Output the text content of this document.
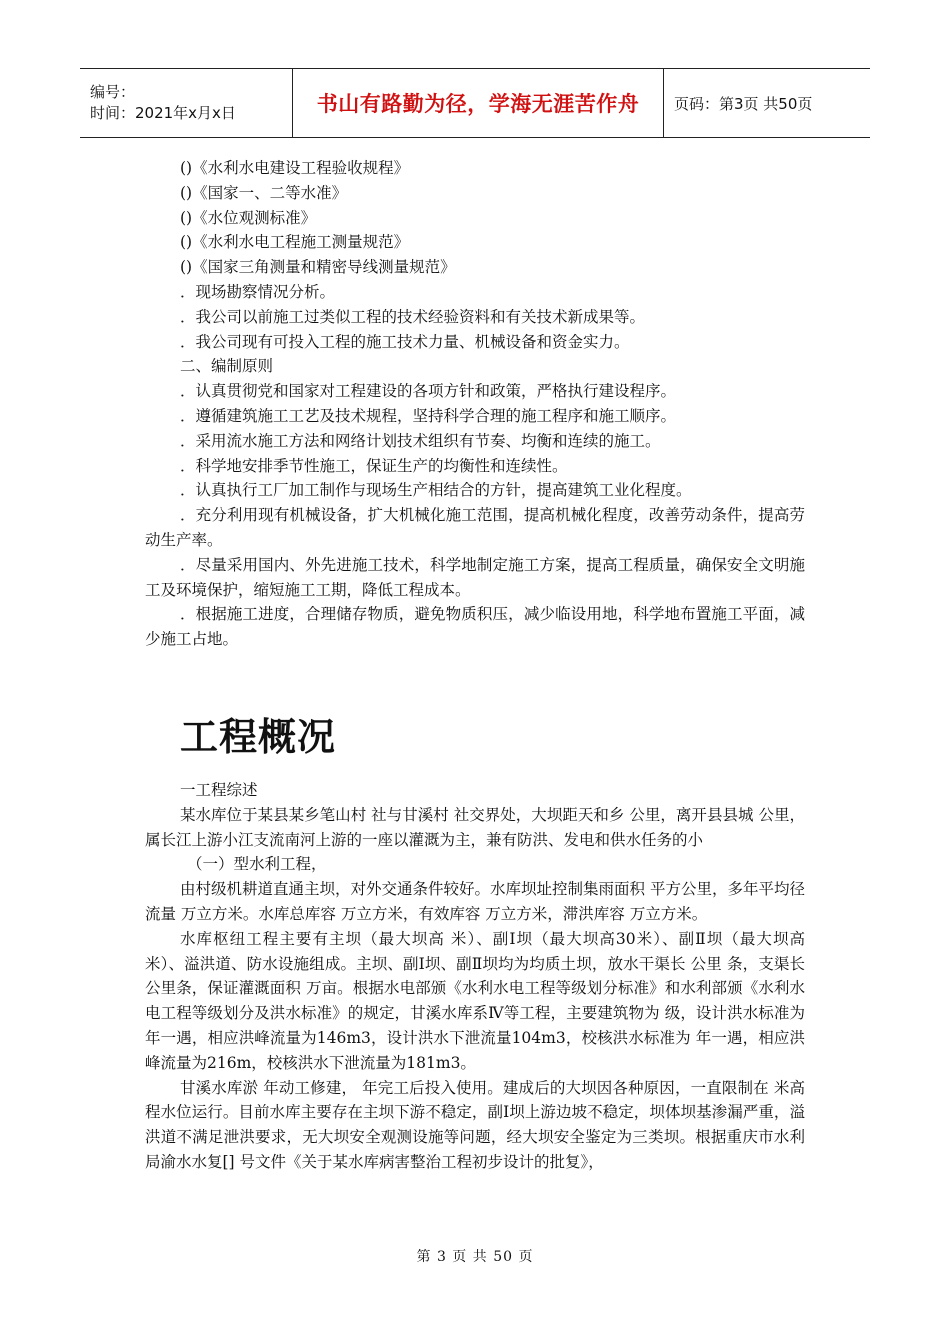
编号：
时间：2021年x月x日	书山有路勤为径，学海无涯苦作舟 页码：第3页 共50页
()《水利水电建设工程验收规程》
()《国家一、二等水准》
()《水位观测标准》
()《水利水电工程施工测量规范》
()《国家三角测量和精密导线测量规范》
．现场勘察情况分析。
．我公司以前施工过类似工程的技术经验资料和有关技术新成果等。
．我公司现有可投入工程的施工技术力量、机械设备和资金实力。
二、编制原则
．认真贯彻党和国家对工程建设的各项方针和政策，严格执行建设程序。
．遵循建筑施工工艺及技术规程，坚持科学合理的施工程序和施工顺序。
．采用流水施工方法和网络计划技术组织有节奏、均衡和连续的施工。
．科学地安排季节性施工，保证生产的均衡性和连续性。
．认真执行工厂加工制作与现场生产相结合的方针，提高建筑工业化程度。

．充分利用现有机械设备，扩大机械化施工范围，提高机械化程度，改善劳动条件，提高劳动生产率。

．尽量采用国内、外先进施工技术，科学地制定施工方案，提高工程质量，确保安全文明施工及环境保护，缩短施工工期，降低工程成本。

．根据施工进度，合理储存物质，避免物质积压，减少临设用地，科学地布置施工平面，减少施工占地。

工程概况
一工程综述

某水库位于某县某乡笔山村 社与甘溪村 社交界处，大坝距天和乡 公里，离开县县城 公里，属长江上游小江支流南河上游的一座以灌溉为主，兼有防洪、发电和供水任务的小

（一）型水利工程，

由村级机耕道直通主坝，对外交通条件较好。水库坝址控制集雨面积 平方公里，多年平均径流量 万立方米。水库总库容 万立方米，有效库容 万立方米，滞洪库容 万立方米。

水库枢纽工程主要有主坝（最大坝高 米）、副Ⅰ坝（最大坝高30米）、副Ⅱ坝（最大坝高 米）、溢洪道、防水设施组成。主坝、副Ⅰ坝、副Ⅱ坝均为均质土坝，放水干渠长 公里 条，支渠长 公里条，保证灌溉面积 万亩。根据水电部颁《水利水电工程等级划分标准》和水利部颁《水利水电工程等级划分及洪水标准》的规定，甘溪水库系Ⅳ等工程，主要建筑物为 级，设计洪水标准为 年一遇，相应洪峰流量为146m3，设计洪水下泄流量104m3，校核洪水标准为 年一遇，相应洪峰流量为216m，校核洪水下泄流量为181m3。

甘溪水库淤 年动工修建， 年完工后投入使用。建成后的大坝因各种原因，一直限制在 米高程水位运行。目前水库主要存在主坝下游不稳定，副Ⅰ坝上游边坡不稳定，坝体坝基渗漏严重，溢洪道不满足泄洪要求，无大坝安全观测设施等问题，经大坝安全鉴定为三类坝。根据重庆市水利局渝水水复[] 号文件《关于某水库病害整治工程初步设计的批复》，

第 3 页 共 50 页
